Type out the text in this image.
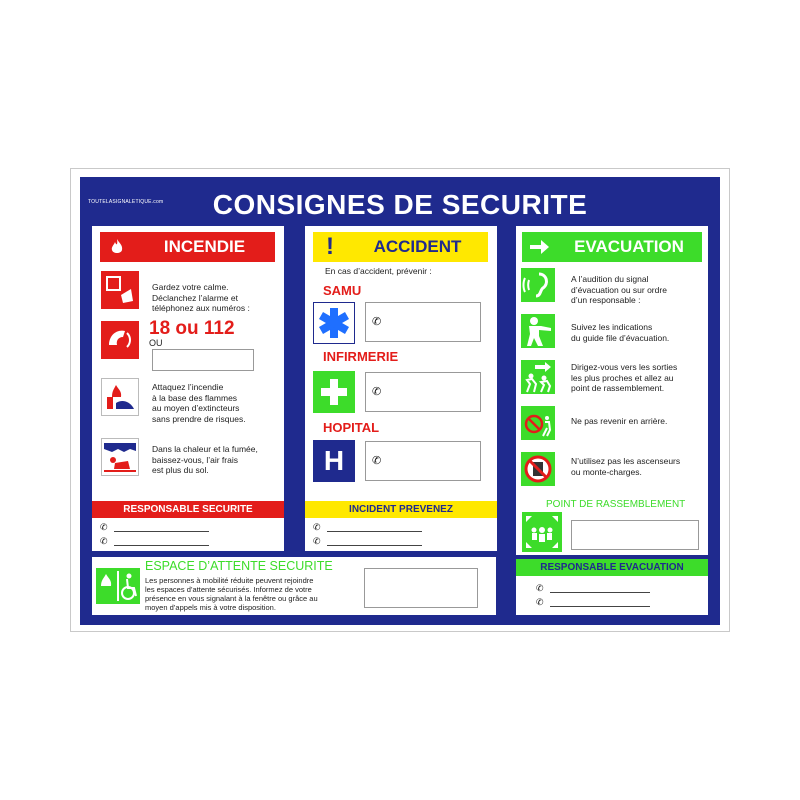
TOUTELASIGNALETIQUE.com	CONSIGNES DE SECURITE
INCENDIE
Gardez votre calme.
Déclanchez l’alarme et
téléphonez aux numéros :
18 ou 112
OU
Attaquez l’incendie
à la base des flammes
au moyen d’extincteurs
sans prendre de risques.
Dans la chaleur et la fumée,
baissez-vous, l’air frais
est plus du sol.
!	ACCIDENT
En cas d’accident, prévenir :
SAMU
✆
INFIRMERIE
✆
HOPITAL
H	✆
EVACUATION
A l’audition du signal
d’évacuation ou sur ordre
d’un responsable :
Suivez les indications
du guide file d’évacuation.
Dirigez-vous vers les sorties
les plus proches et allez au
point de rassemblement.
Ne pas revenir en arrière.
N’utilisez pas les ascenseurs
ou monte-charges.
RESPONSABLE SECURITE
✆
✆
INCIDENT PREVENEZ
✆
✆
POINT DE RASSEMBLEMENT
ESPACE D’ATTENTE SECURITE
Les personnes à mobilité réduite peuvent rejoindre
les espaces d’attente sécurisés. Informez de votre
présence en vous signalant à la fenêtre ou grâce au
moyen d’appels mis à votre disposition.
RESPONSABLE EVACUATION
✆
✆
